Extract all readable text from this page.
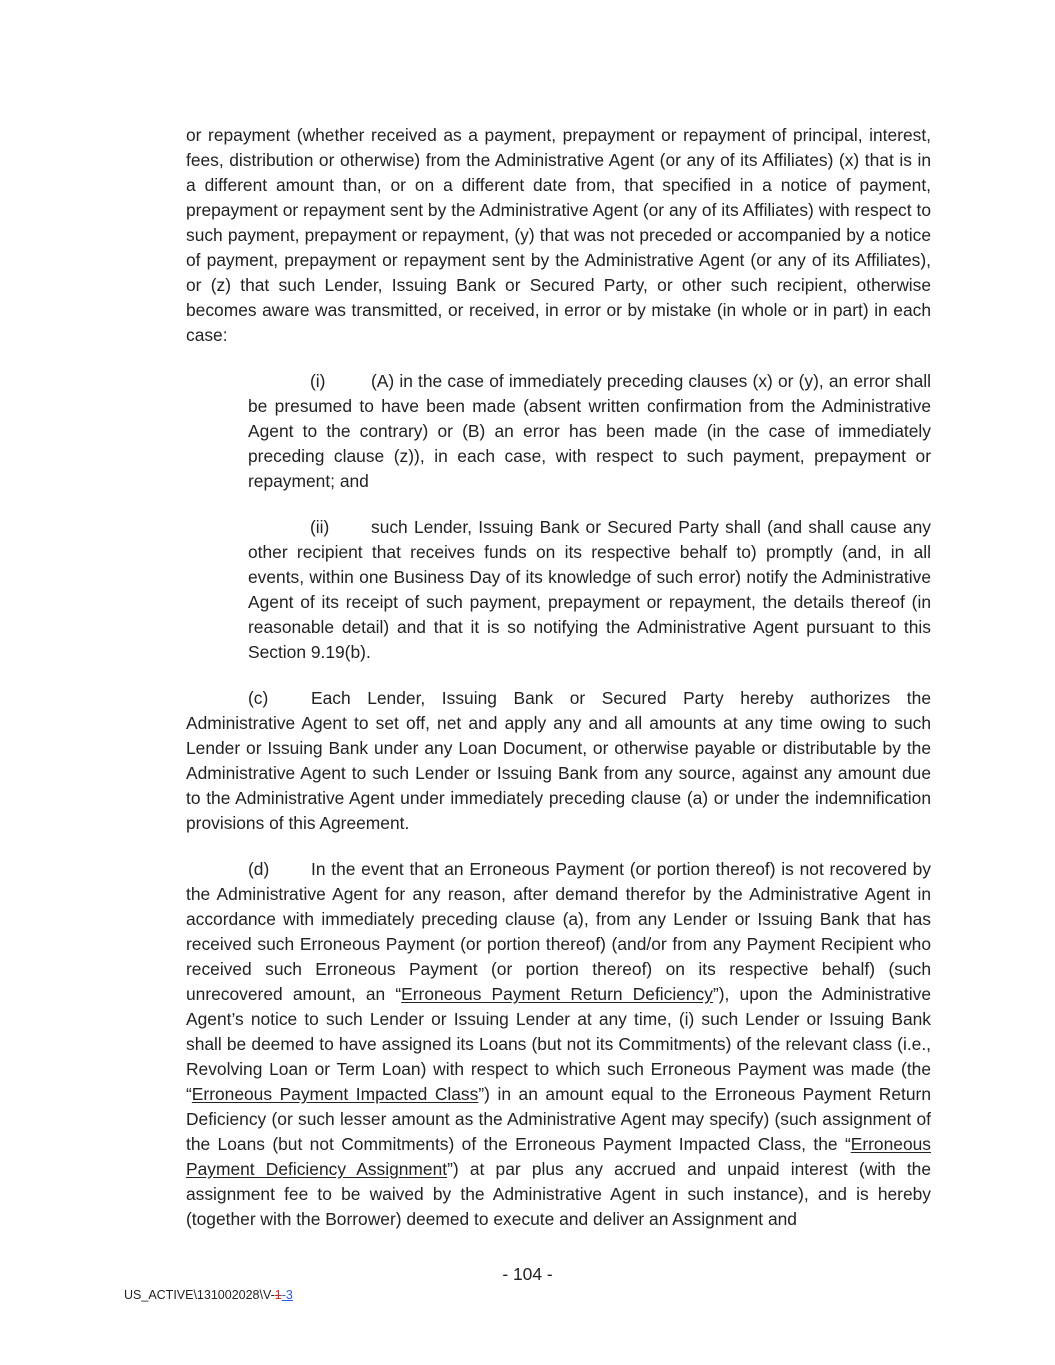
or repayment (whether received as a payment, prepayment or repayment of principal, interest, fees, distribution or otherwise) from the Administrative Agent (or any of its Affiliates) (x) that is in a different amount than, or on a different date from, that specified in a notice of payment, prepayment or repayment sent by the Administrative Agent (or any of its Affiliates) with respect to such payment, prepayment or repayment, (y) that was not preceded or accompanied by a notice of payment, prepayment or repayment sent by the Administrative Agent (or any of its Affiliates), or (z) that such Lender, Issuing Bank or Secured Party, or other such recipient, otherwise becomes aware was transmitted, or received, in error or by mistake (in whole or in part) in each case:

(i)	(A) in the case of immediately preceding clauses (x) or (y), an error shall be presumed to have been made (absent written confirmation from the Administrative Agent to the contrary) or (B) an error has been made (in the case of immediately preceding clause (z)), in each case, with respect to such payment, prepayment or repayment; and

(ii) such Lender, Issuing Bank or Secured Party shall (and shall cause any other recipient that receives funds on its respective behalf to) promptly (and, in all events, within one Business Day of its knowledge of such error) notify the Administrative Agent of its receipt of such payment, prepayment or repayment, the details thereof (in reasonable detail) and that it is so notifying the Administrative Agent pursuant to this Section 9.19(b).

(c) Each Lender, Issuing Bank or Secured Party hereby authorizes the Administrative Agent to set off, net and apply any and all amounts at any time owing to such Lender or Issuing Bank under any Loan Document, or otherwise payable or distributable by the Administrative Agent to such Lender or Issuing Bank from any source, against any amount due to the Administrative Agent under immediately preceding clause (a) or under the indemnification provisions of this Agreement.

(d) In the event that an Erroneous Payment (or portion thereof) is not recovered by the Administrative Agent for any reason, after demand therefor by the Administrative Agent in accordance with immediately preceding clause (a), from any Lender or Issuing Bank that has received such Erroneous Payment (or portion thereof) (and/or from any Payment Recipient who received such Erroneous Payment (or portion thereof) on its respective behalf) (such unrecovered amount, an “Erroneous Payment Return Deficiency”), upon the Administrative Agent’s notice to such Lender or Issuing Lender at any time, (i) such Lender or Issuing Bank shall be deemed to have assigned its Loans (but not its Commitments) of the relevant class (i.e., Revolving Loan or Term Loan) with respect to which such Erroneous Payment was made (the “Erroneous Payment Impacted Class”) in an amount equal to the Erroneous Payment Return Deficiency (or such lesser amount as the Administrative Agent may specify) (such assignment of the Loans (but not Commitments) of the Erroneous Payment Impacted Class, the “Erroneous Payment Deficiency Assignment”) at par plus any accrued and unpaid interest (with the assignment fee to be waived by the Administrative Agent in such instance), and is hereby (together with the Borrower) deemed to execute and deliver an Assignment and

- 104 -
US_ACTIVE\131002028\V-1-3
